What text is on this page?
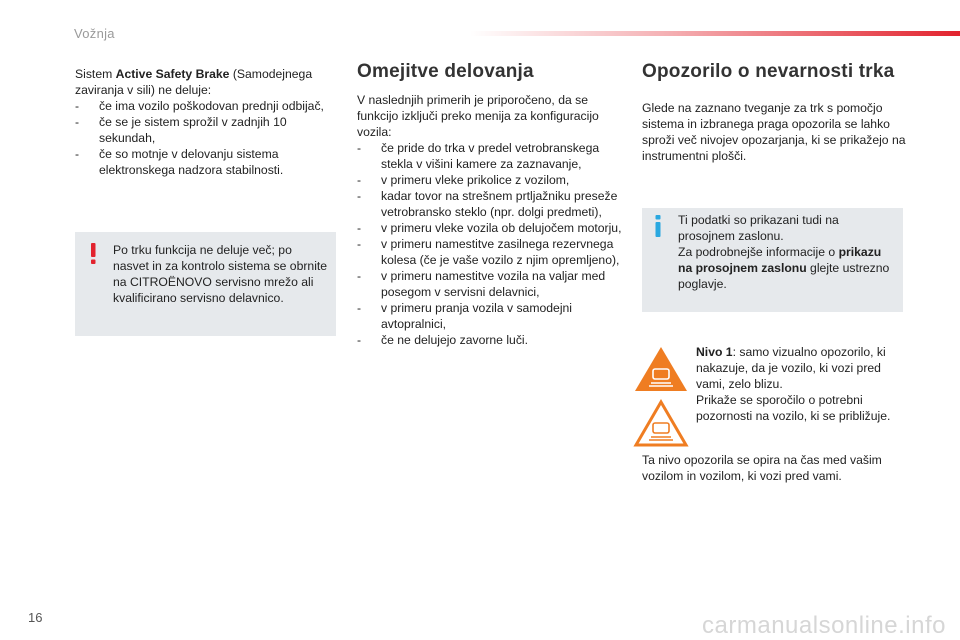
Vožnja
Sistem Active Safety Brake (Samodejnega zaviranja v sili) ne deluje:
-	če ima vozilo poškodovan prednji odbijač,
-	če se je sistem sprožil v zadnjih 10 sekundah,
-	če so motnje v delovanju sistema elektronskega nadzora stabilnosti.
Po trku funkcija ne deluje več; po nasvet in za kontrolo sistema se obrnite na CITROËNOVO servisno mrežo ali kvalificirano servisno delavnico.
Omejitve delovanja
V naslednjih primerih je priporočeno, da se funkcijo izključi preko menija za konfiguracijo vozila:
-	če pride do trka v predel vetrobranskega stekla v višini kamere za zaznavanje,
-	v primeru vleke prikolice z vozilom,
-	kadar tovor na strešnem prtljažniku preseže vetrobransko steklo (npr. dolgi predmeti),
-	v primeru vleke vozila ob delujočem motorju,
-	v primeru namestitve zasilnega rezervnega kolesa (če je vaše vozilo z njim opremljeno),
-	v primeru namestitve vozila na valjar med posegom v servisni delavnici,
-	v primeru pranja vozila v samodejni avtopralnici,
-	če ne delujejo zavorne luči.
Opozorilo o nevarnosti trka
Glede na zaznano tveganje za trk s pomočjo sistema in izbranega praga opozorila se lahko sproži več nivojev opozarjanja, ki se prikažejo na instrumentni plošči.
Ti podatki so prikazani tudi na prosojnem zaslonu.
Za podrobnejše informacije o prikazu na prosojnem zaslonu glejte ustrezno poglavje.
Nivo 1: samo vizualno opozorilo, ki nakazuje, da je vozilo, ki vozi pred vami, zelo blizu.
Prikaže se sporočilo o potrebni pozornosti na vozilo, ki se približuje.
Ta nivo opozorila se opira na čas med vašim vozilom in vozilom, ki vozi pred vami.
16	carmanualsonline.info
